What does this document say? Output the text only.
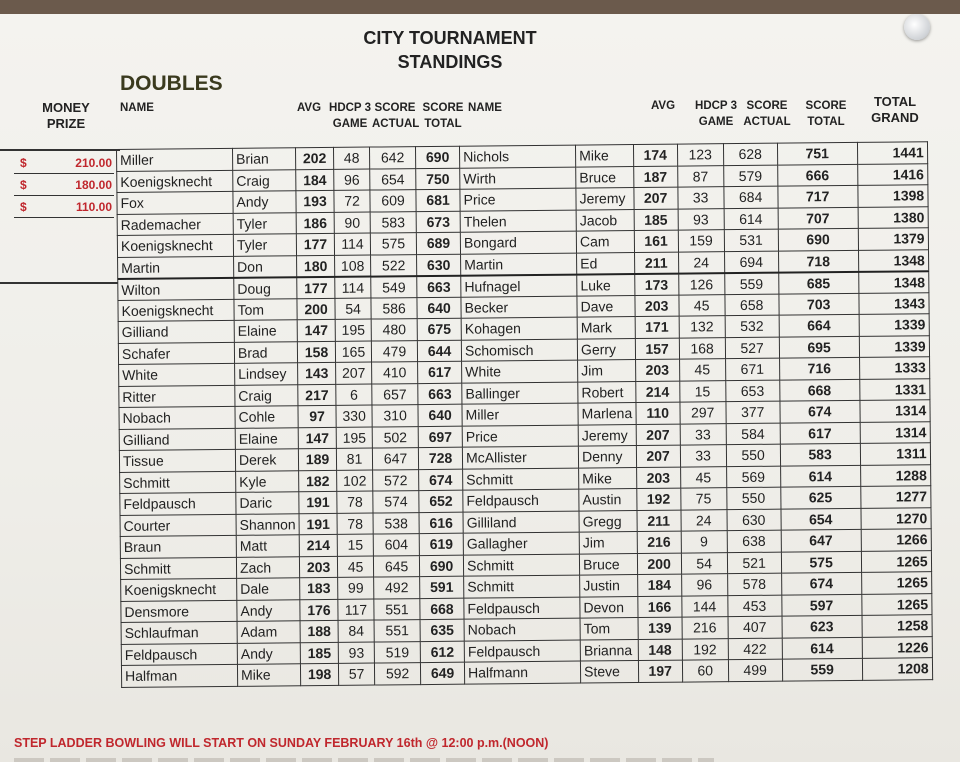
CITY TOURNAMENT
STANDINGS
DOUBLES
MONEY PRIZE
NAME	AVG HDCP 3 GAME
SCORE ACTUAL
SCORE TOTAL
NAME	AVG HDCP 3 GAME
SCORE ACTUAL
SCORE TOTAL
TOTAL GRAND
$	210.00
$	180.00
$	110.00
Miller	Brian	202	48	642	690	Nichols	Mike	174	123	628	751	1441
Koenigsknecht	Craig	184	96	654	750	Wirth	Bruce	187	87	579	666	1416
Fox	Andy	193	72	609	681	Price	Jeremy	207	33	684	717	1398
Rademacher	Tyler	186	90	583	673	Thelen	Jacob	185	93	614	707	1380
Koenigsknecht	Tyler	177	114	575	689	Bongard	Cam	161	159	531	690	1379
Martin	Don	180	108	522	630	Martin	Ed	211	24	694	718	1348
Wilton	Doug	177	114	549	663	Hufnagel	Luke	173	126	559	685	1348
Koenigsknecht	Tom	200	54	586	640	Becker	Dave	203	45	658	703	1343
Gilliand	Elaine	147	195	480	675	Kohagen	Mark	171	132	532	664	1339
Schafer	Brad	158	165	479	644	Schomisch	Gerry	157	168	527	695	1339
White	Lindsey	143	207	410	617	White	Jim	203	45	671	716	1333
Ritter	Craig	217	6	657	663	Ballinger	Robert	214	15	653	668	1331
Nobach	Cohle	97	330	310	640	Miller	Marlena	110	297	377	674	1314
Gilliand	Elaine	147	195	502	697	Price	Jeremy	207	33	584	617	1314
Tissue	Derek	189	81	647	728	McAllister	Denny	207	33	550	583	1311
Schmitt	Kyle	182	102	572	674	Schmitt	Mike	203	45	569	614	1288
Feldpausch	Daric	191	78	574	652	Feldpausch	Austin	192	75	550	625	1277
Courter	Shannon	191	78	538	616	Gilliland	Gregg	211	24	630	654	1270
Braun	Matt	214	15	604	619	Gallagher	Jim	216	9	638	647	1266
Schmitt	Zach	203	45	645	690	Schmitt	Bruce	200	54	521	575	1265
Koenigsknecht	Dale	183	99	492	591	Schmitt	Justin	184	96	578	674	1265
Densmore	Andy	176	117	551	668	Feldpausch	Devon	166	144	453	597	1265
Schlaufman	Adam	188	84	551	635	Nobach	Tom	139	216	407	623	1258
Feldpausch	Andy	185	93	519	612	Feldpausch	Brianna	148	192	422	614	1226
Halfman	Mike	198	57	592	649	Halfmann	Steve	197	60	499	559	1208
STEP LADDER BOWLING WILL START ON SUNDAY FEBRUARY 16th @ 12:00 p.m.(NOON)
